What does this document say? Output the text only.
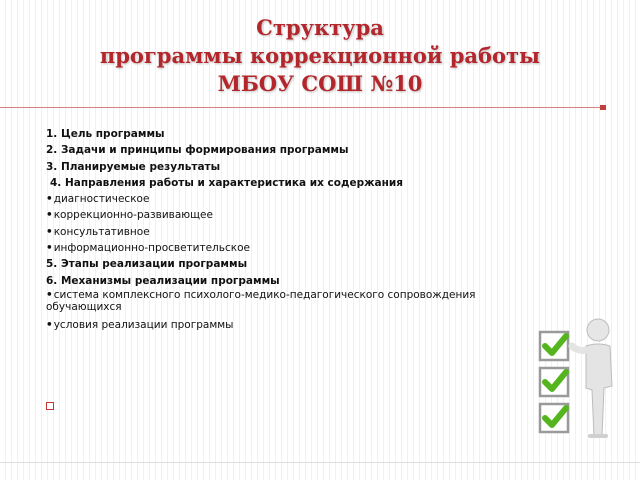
Структура
программы коррекционной работы
МБОУ СОШ №10
1. Цель программы
2. Задачи и принципы формирования программы
3. Планируемые результаты
4. Направления работы и характеристика их содержания
• диагностическое
• коррекционно-развивающее
• консультативное
• информационно-просветительское
5. Этапы реализации программы
6. Механизмы реализации программы
• система комплексного психолого-медико-педагогического сопровождения обучающихся
• условия реализации программы
